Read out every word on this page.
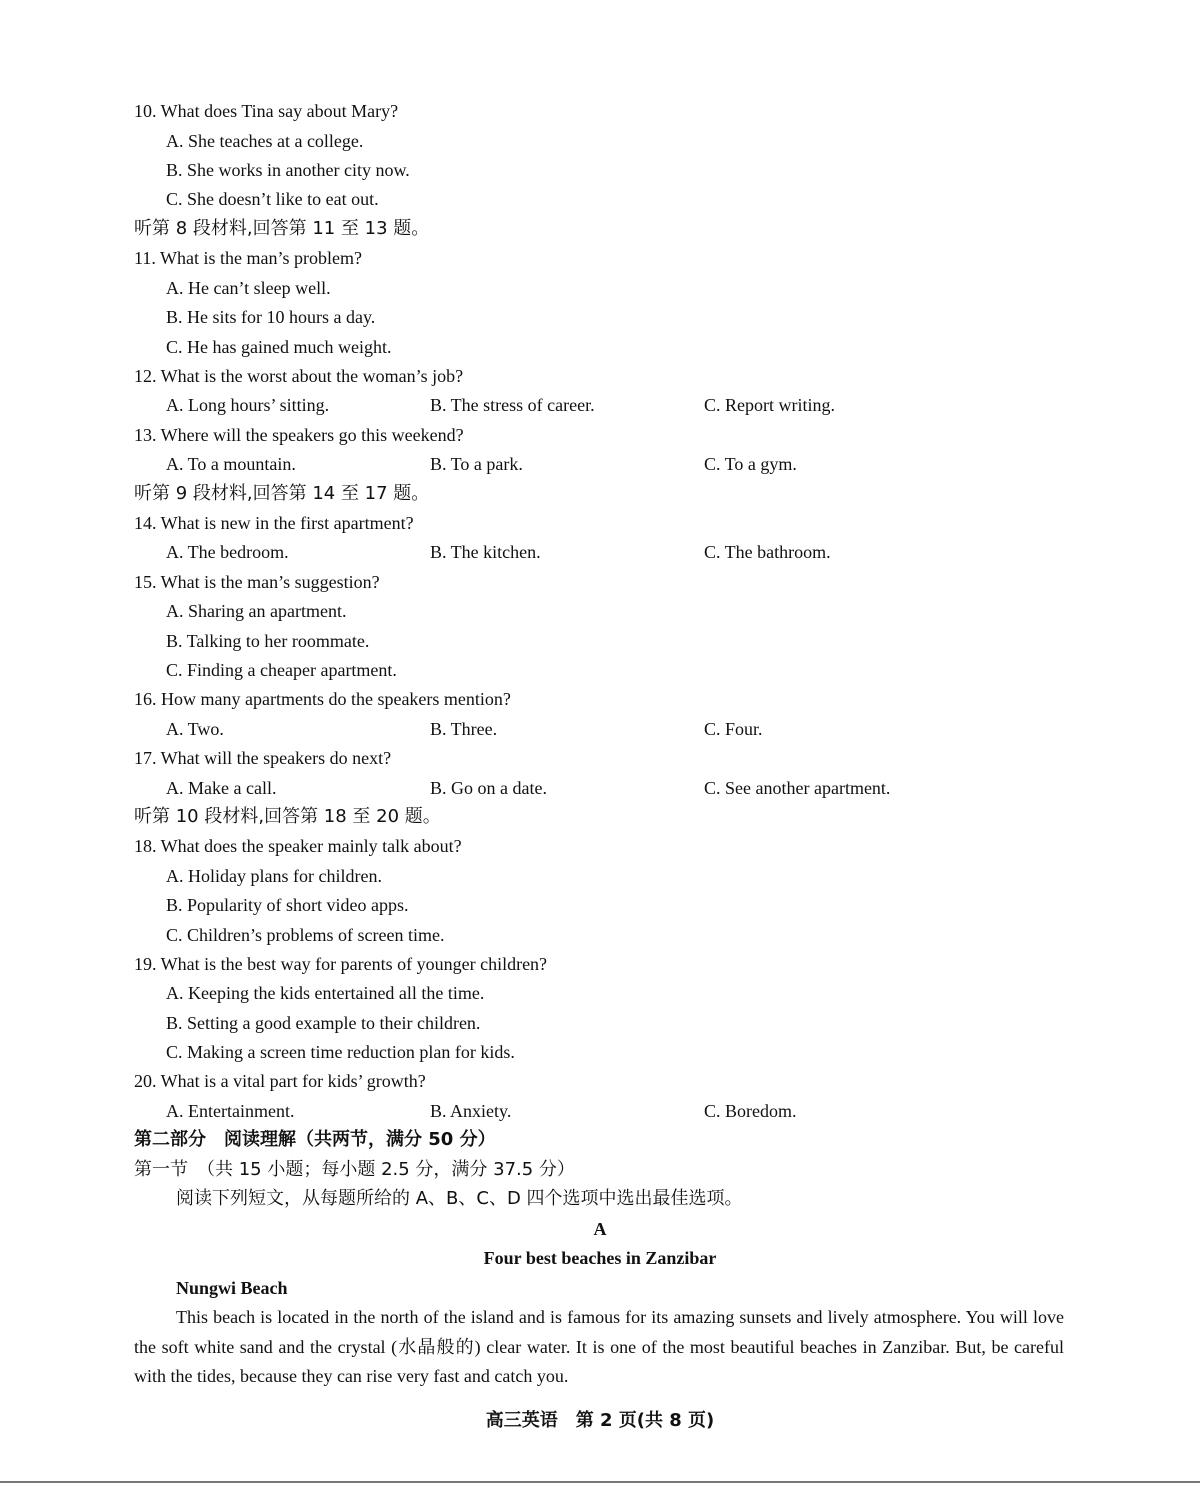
10. What does Tina say about Mary?
A. She teaches at a college.
B. She works in another city now.
C. She doesn’t like to eat out.
听第 8 段材料,回答第 11 至 13 题。
11. What is the man’s problem?
A. He can’t sleep well.
B. He sits for 10 hours a day.
C. He has gained much weight.
12. What is the worst about the woman’s job?
A. Long hours’ sitting.	B. The stress of career.	C. Report writing.
13. Where will the speakers go this weekend?
A. To a mountain.	B. To a park.	C. To a gym.
听第 9 段材料,回答第 14 至 17 题。
14. What is new in the first apartment?
A. The bedroom.	B. The kitchen.	C. The bathroom.
15. What is the man’s suggestion?
A. Sharing an apartment.
B. Talking to her roommate.
C. Finding a cheaper apartment.
16. How many apartments do the speakers mention?
A. Two.	B. Three.	C. Four.
17. What will the speakers do next?
A. Make a call.	B. Go on a date.	C. See another apartment.
听第 10 段材料,回答第 18 至 20 题。
18. What does the speaker mainly talk about?
A. Holiday plans for children.
B. Popularity of short video apps.
C. Children’s problems of screen time.
19. What is the best way for parents of younger children?
A. Keeping the kids entertained all the time.
B. Setting a good example to their children.
C. Making a screen time reduction plan for kids.
20. What is a vital part for kids’ growth?
A. Entertainment.	B. Anxiety.	C. Boredom.
第二部分　阅读理解（共两节，满分 50 分）
第一节　（共 15 小题；每小题 2.5 分，满分 37.5 分）
阅读下列短文，从每题所给的 A、B、C、D 四个选项中选出最佳选项。
A
Four best beaches in Zanzibar
Nungwi Beach
This beach is located in the north of the island and is famous for its amazing sunsets and lively atmosphere. You will love the soft white sand and the crystal (水晶般的) clear water. It is one of the most beautiful beaches in Zanzibar. But, be careful with the tides, because they can rise very fast and catch you.
高三英语　第 2 页(共 8 页)
